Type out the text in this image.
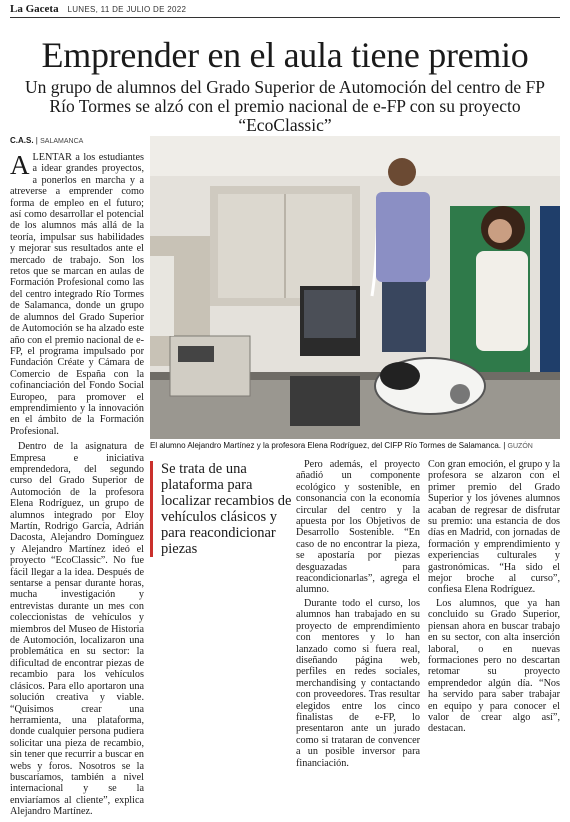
La Gaceta LUNES, 11 DE JULIO DE 2022
Emprender en el aula tiene premio
Un grupo de alumnos del Grado Superior de Automoción del centro de FP Río Tormes se alzó con el premio nacional de e-FP con su proyecto “EcoClassic”
C.A.S. | SALAMANCA

ALENTAR a los estudiantes a idear grandes proyectos, a ponerlos en marcha y a atreverse a emprender como forma de empleo en el futuro; así como desarrollar el potencial de los alumnos más allá de la teoría, impulsar sus habilidades y mejorar sus resultados ante el mercado de trabajo. Son los retos que se marcan en aulas de Formación Profesional como las del centro integrado Río Tormes de Salamanca, donde un grupo de alumnos del Grado Superior de Automoción se ha alzado este año con el premio nacional de e-FP, el programa impulsado por Fundación Créate y Cámara de Comercio de España con la cofinanciación del Fondo Social Europeo, para promover el emprendimiento y la innovación en el ámbito de la Formación Profesional.

Dentro de la asignatura de Empresa e iniciativa emprendedora, del segundo curso del Grado Superior de Automoción de la profesora Elena Rodríguez, un grupo de alumnos integrado por Eloy Martín, Rodrigo García, Adrián Dacosta, Alejandro Domínguez y Alejandro Martínez ideó el proyecto “EcoClassic”. No fue fácil llegar a la idea. Después de sentarse a pensar durante horas, mucha investigación y entrevistas durante un mes con coleccionistas de vehículos y miembros del Museo de Historia de Automoción, localizaron una problemática en su sector: la dificultad de encontrar piezas de recambio para los vehículos clásicos. Para ello aportaron una solución creativa y viable. “Quisimos crear una herramienta, una plataforma, donde cualquier persona pudiera solicitar una pieza de recambio, sin tener que recurrir a buscar en webs y foros. Nosotros se la buscaríamos, también a nivel internacional y se la enviaríamos al cliente”, explica Alejandro Martínez.

El alumno Alejandro Martínez y la profesora Elena Rodríguez, del CIFP Río Tormes de Salamanca. | GUZÓN
Se trata de una plataforma para localizar recambios de vehículos clásicos y para reacondicionar piezas

Pero además, el proyecto añadió un componente ecológico y sostenible, en consonancia con la economía circular del centro y la apuesta por los Objetivos de Desarrollo Sostenible. “En caso de no encontrar la pieza, se apostaría por piezas desguazadas para reacondicionarlas”, agrega el alumno.

Durante todo el curso, los alumnos han trabajado en su proyecto de emprendimiento con mentores y lo han lanzado como si fuera real, diseñando página web, perfiles en redes sociales, merchandising y contactando con proveedores. Tras resultar elegidos entre los cinco finalistas de e-FP, lo presentaron ante un jurado como si trataran de convencer a un posible inversor para financiación.

Con gran emoción, el grupo y la profesora se alzaron con el primer premio del Grado Superior y los jóvenes alumnos acaban de regresar de disfrutar su premio: una estancia de dos días en Madrid, con jornadas de formación y emprendimiento y experiencias culturales y gastronómicas. “Ha sido el mejor broche al curso”, confiesa Elena Rodríguez.

Los alumnos, que ya han concluido su Grado Superior, piensan ahora en buscar trabajo en su sector, con alta inserción laboral, o en nuevas formaciones pero no descartan retomar su proyecto emprendedor algún día. “Nos ha servido para saber trabajar en equipo y para conocer el valor de crear algo así”, destacan.
